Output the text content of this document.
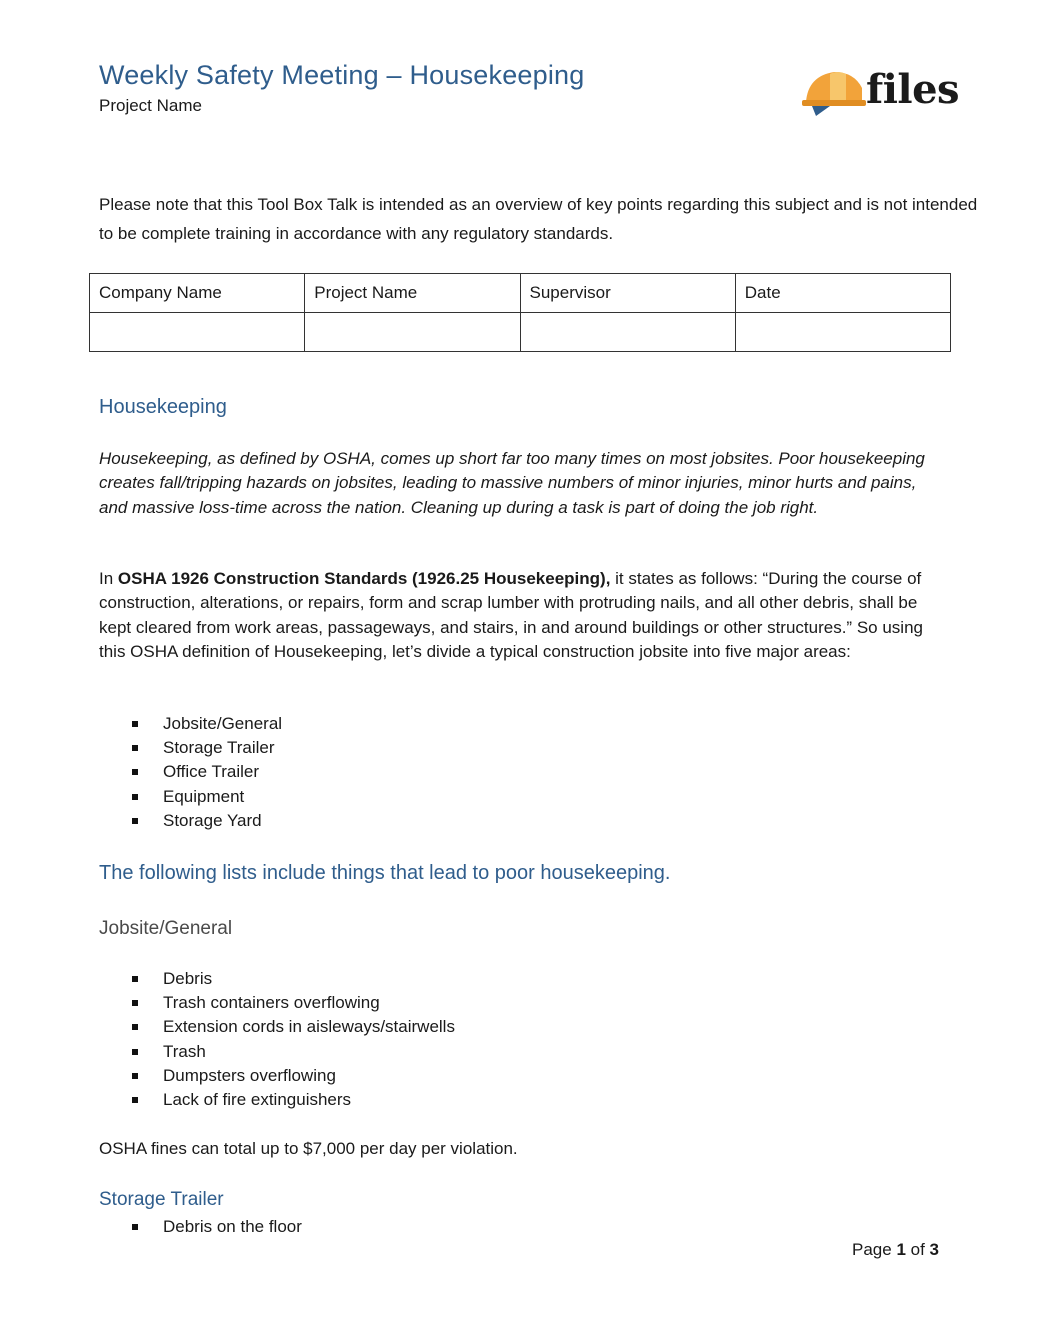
Weekly Safety Meeting – Housekeeping
Project Name	files
Please note that this Tool Box Talk is intended as an overview of key points regarding this subject and is not intended to be complete training in accordance with any regulatory standards.
Company Name	Project Name	Supervisor	Date

Housekeeping
Housekeeping, as defined by OSHA, comes up short far too many times on most jobsites. Poor housekeeping creates fall/tripping hazards on jobsites, leading to massive numbers of minor injuries, minor hurts and pains, and massive loss-time across the nation. Cleaning up during a task is part of doing the job right.
In OSHA 1926 Construction Standards (1926.25 Housekeeping), it states as follows: “During the course of construction, alterations, or repairs, form and scrap lumber with protruding nails, and all other debris, shall be kept cleared from work areas, passageways, and stairs, in and around buildings or other structures.” So using this OSHA definition of Housekeeping, let’s divide a typical construction jobsite into five major areas:
Jobsite/General
Storage Trailer
Office Trailer
Equipment
Storage Yard
The following lists include things that lead to poor housekeeping.
Jobsite/General
Debris
Trash containers overflowing
Extension cords in aisleways/stairwells
Trash
Dumpsters overflowing
Lack of fire extinguishers
OSHA fines can total up to $7,000 per day per violation.
Storage Trailer
Debris on the floor
Page 1 of 3
